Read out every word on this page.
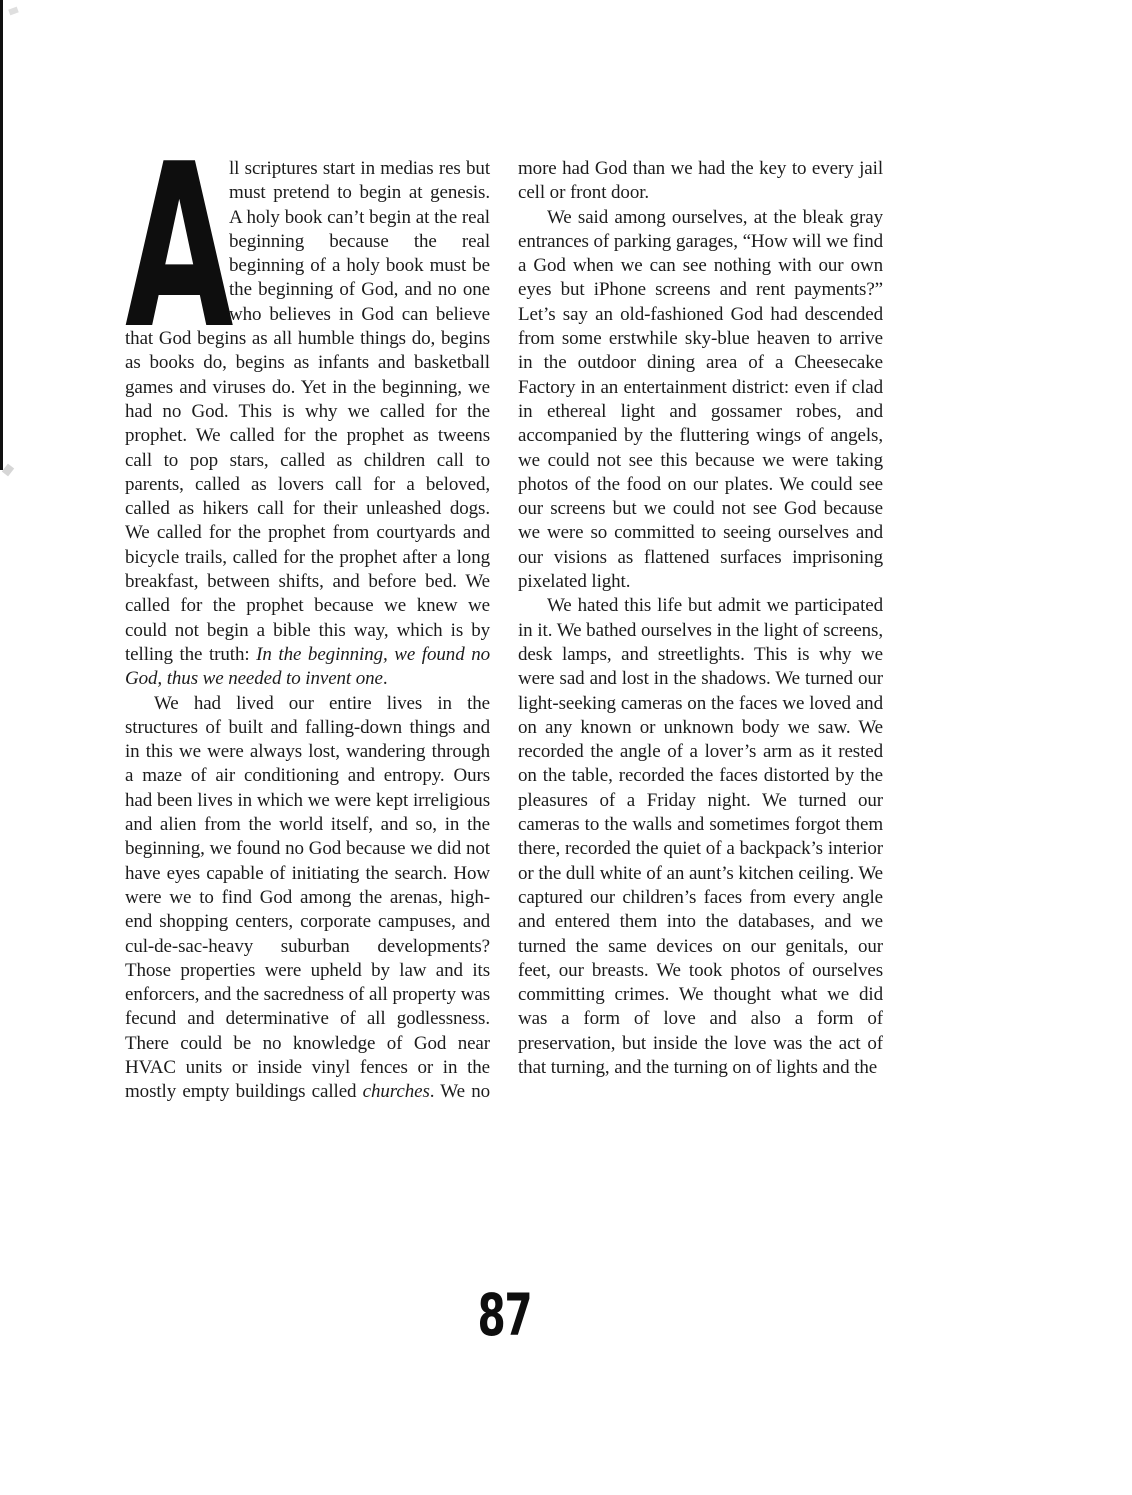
A
ll scriptures start in medias res but must pretend to begin at genesis. A holy book can’t begin at the real beginning because the real beginning of a holy book must be the beginning of God, and no one who believes in God can believe that God begins as all humble things do, begins as books do, begins as infants and basketball games and viruses do. Yet in the beginning, we had no God. This is why we called for the prophet. We called for the prophet as tweens call to pop stars, called as children call to parents, called as lovers call for a beloved, called as hikers call for their unleashed dogs. We called for the prophet from courtyards and bicycle trails, called for the prophet after a long breakfast, between shifts, and before bed. We called for the prophet because we knew we could not begin a bible this way, which is by telling the truth: In the beginning, we found no God, thus we needed to invent one.

We had lived our entire lives in the structures of built and falling-down things and in this we were always lost, wandering through a maze of air conditioning and entropy. Ours had been lives in which we were kept irreligious and alien from the world itself, and so, in the beginning, we found no God because we did not have eyes capable of initiating the search. How were we to find God among the arenas, high-end shopping centers, corporate campuses, and cul-de-sac-heavy suburban developments? Those properties were upheld by law and its enforcers, and the sacredness of all property was fecund and determinative of all godlessness. There could be no knowledge of God near HVAC units or inside vinyl fences or in the mostly empty buildings called churches. We no more had God than we had the key to every jail cell or front door.

We said among ourselves, at the bleak gray entrances of parking garages, “How will we find a God when we can see nothing with our own eyes but iPhone screens and rent payments?” Let’s say an old-fashioned God had descended from some erstwhile sky-blue heaven to arrive in the outdoor dining area of a Cheesecake Factory in an entertainment district: even if clad in ethereal light and gossamer robes, and accompanied by the fluttering wings of angels, we could not see this because we were taking photos of the food on our plates. We could see our screens but we could not see God because we were so committed to seeing ourselves and our visions as flattened surfaces imprisoning pixelated light.

We hated this life but admit we participated in it. We bathed ourselves in the light of screens, desk lamps, and streetlights. This is why we were sad and lost in the shadows. We turned our light-seeking cameras on the faces we loved and on any known or unknown body we saw. We recorded the angle of a lover’s arm as it rested on the table, recorded the faces distorted by the pleasures of a Friday night. We turned our cameras to the walls and sometimes forgot them there, recorded the quiet of a backpack’s interior or the dull white of an aunt’s kitchen ceiling. We captured our children’s faces from every angle and entered them into the databases, and we turned the same devices on our genitals, our feet, our breasts. We took photos of ourselves committing crimes. We thought what we did was a form of love and also a form of preservation, but inside the love was the act of that turning, and the turning on of lights and the

87
